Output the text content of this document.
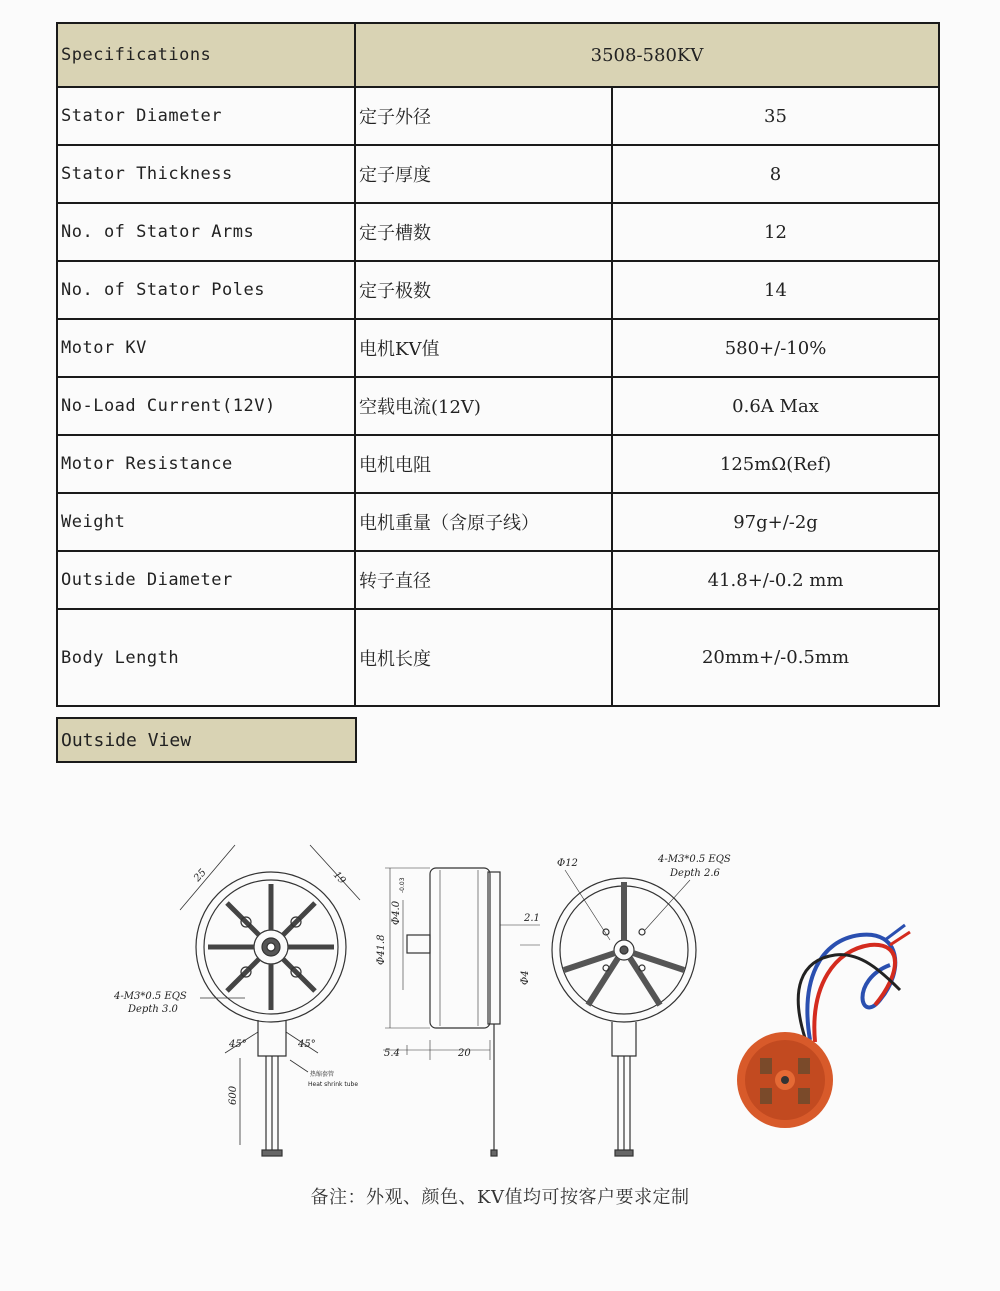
Specifications	3508-580KV	
Stator Diameter	定子外径	35
Stator Thickness	定子厚度	8
No. of Stator Arms	定子槽数	12
No. of Stator Poles	定子极数	14
Motor KV	电机KV值	580+/-10%
No-Load Current(12V)	空载电流(12V)	0.6A Max
Motor Resistance	电机电阻	125mΩ(Ref)
Weight	电机重量（含原子线）	97g+/-2g
Outside Diameter	转子直径	41.8+/-0.2 mm
Body Length	电机长度	20mm+/-0.5mm
Outside View
25	19
4-M3*0.5 EQS
Depth 3.0
45°	45°
600
热缩套管
Heat shrink tube
Φ41.8
Φ4.0
-0.03
2.1
Φ4
5.4	20
Φ12	4-M3*0.5 EQS
Depth 2.6
备注：外观、颜色、KV值均可按客户要求定制
